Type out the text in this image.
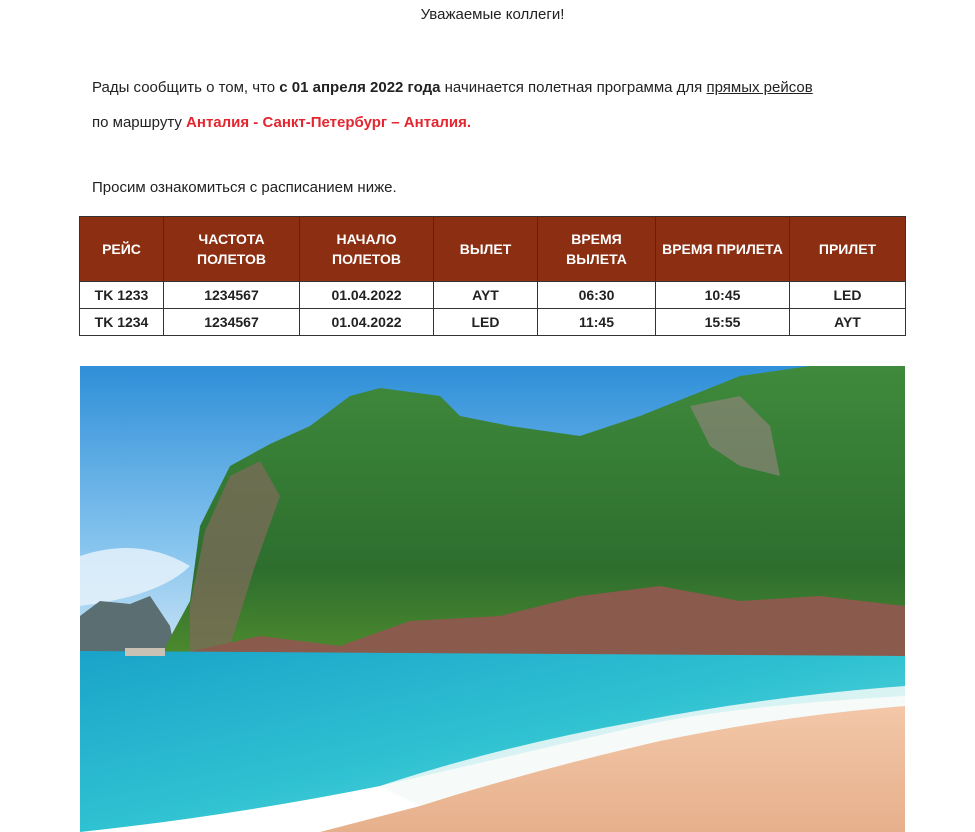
Уважаемые коллеги!
Рады сообщить о том, что с 01 апреля 2022 года начинается полетная программа для прямых рейсов
по маршруту Анталия - Санкт-Петербург – Анталия.
Просим ознакомиться с расписанием ниже.
РЕЙС	ЧАСТОТА ПОЛЕТОВ	НАЧАЛО ПОЛЕТОВ	ВЫЛЕТ	ВРЕМЯ ВЫЛЕТА	ВРЕМЯ ПРИЛЕТА	ПРИЛЕТ
TK 1233	1234567	01.04.2022	AYT	06:30	10:45	LED
TK 1234	1234567	01.04.2022	LED	11:45	15:55	AYT
